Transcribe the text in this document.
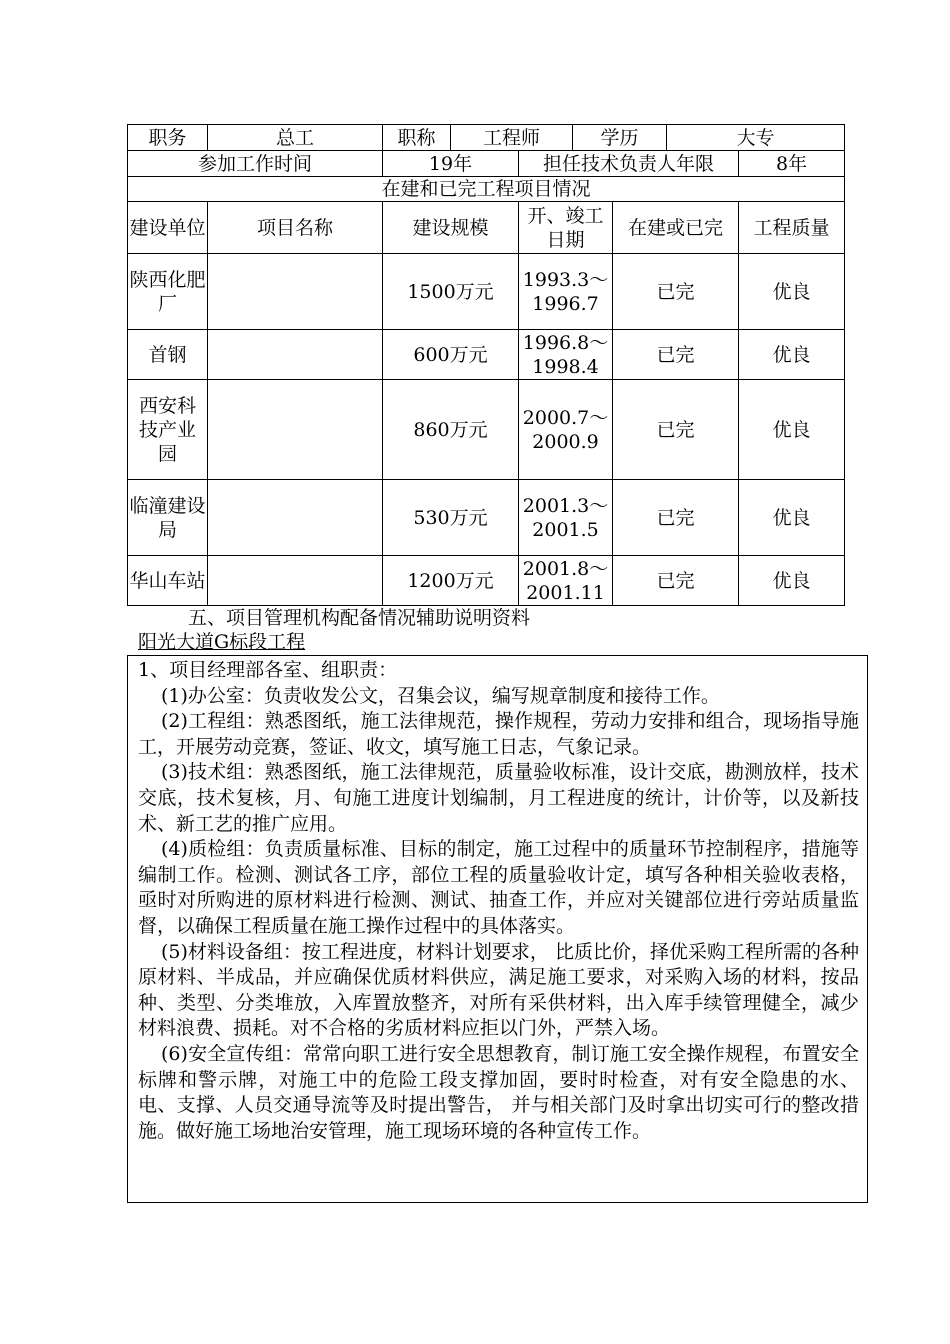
职务	总工	职称	工程师		学历		大专	
参加工作时间		19年		担任技术负责人年限				8年
在建和已完工程项目情况								
建设单位	项目名称	建设规模		开、竣工日期		在建或已完		工程质量
陕西化肥厂		1500万元		1993.3～1996.7		已完		优良
首钢		600万元		1996.8～1998.4		已完		优良

西安科技产业园		860万元		2000.7～2000.9		已完		优良
临潼建设局		530万元		2001.3～2001.5		已完		优良
华山车站		1200万元		2001.8～2001.11		已完		优良
五、项目管理机构配备情况辅助说明资料
阳光大道G标段工程

1、项目经理部各室、组职责：

(1)办公室：负责收发公文，召集会议，编写规章制度和接待工作。

(2)工程组：熟悉图纸，施工法律规范，操作规程，劳动力安排和组合，现场指导施工，开展劳动竞赛，签证、收文，填写施工日志，气象记录。

(3)技术组：熟悉图纸，施工法律规范，质量验收标准，设计交底，勘测放样，技术交底，技术复核，月、旬施工进度计划编制，月工程进度的统计，计价等，以及新技术、新工艺的推广应用。

(4)质检组：负责质量标准、目标的制定，施工过程中的质量环节控制程序，措施等编制工作。检测、测试各工序，部位工程的质量验收计定，填写各种相关验收表格，亟时对所购进的原材料进行检测、测试、抽查工作，并应对关键部位进行旁站质量监督，以确保工程质量在施工操作过程中的具体落实。

(5)材料设备组：按工程进度，材料计划要求， 比质比价，择优采购工程所需的各种原材料、半成品，并应确保优质材料供应，满足施工要求，对采购入场的材料，按品种、类型、分类堆放，入库置放整齐，对所有采供材料，出入库手续管理健全，减少材料浪费、损耗。对不合格的劣质材料应拒以门外，严禁入场。

(6)安全宣传组：常常向职工进行安全思想教育，制订施工安全操作规程，布置安全标牌和警示牌，对施工中的危险工段支撑加固，要时时检查，对有安全隐患的水、电、支撑、人员交通导流等及时提出警告， 并与相关部门及时拿出切实可行的整改措施。做好施工场地治安管理，施工现场环境的各种宣传工作。
